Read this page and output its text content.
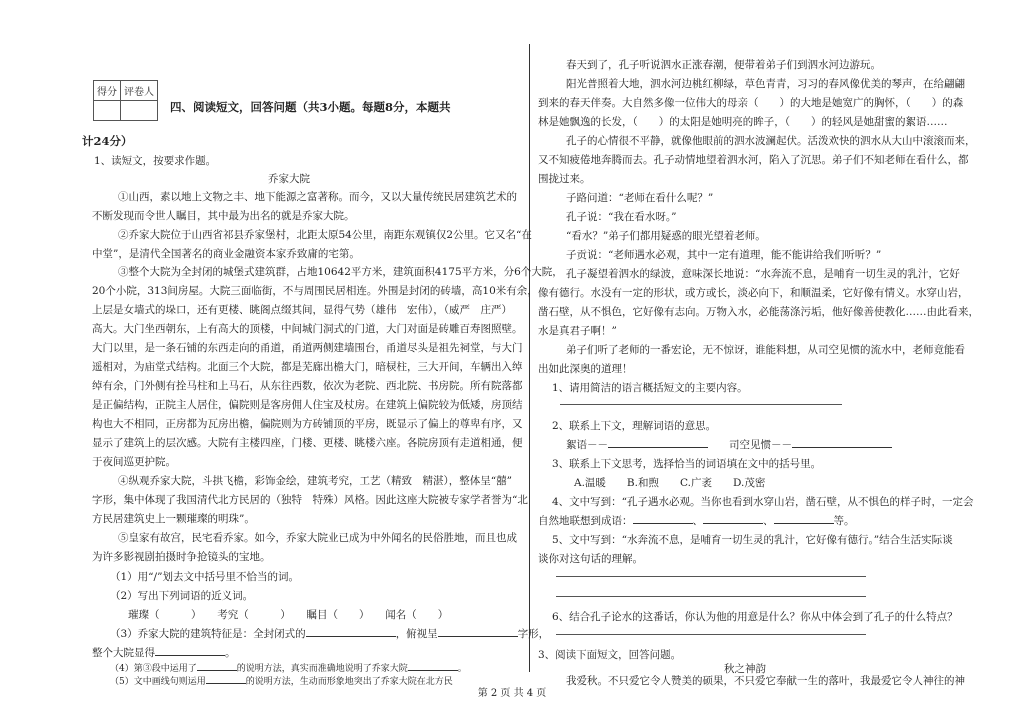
得分	评卷人

四、阅读短文，回答问题（共3小题。每题8分，本题共
计24分）
1、读短文，按要求作题。
乔家大院
①山西，素以地上文物之丰、地下能源之富著称。而今，又以大量传统民居建筑艺术的
不断发现而令世人瞩目，其中最为出名的就是乔家大院。
②乔家大院位于山西省祁县乔家堡村，北距太原54公里，南距东观镇仅2公里。它又名“在
中堂”，是清代全国著名的商业金融资本家乔致庸的宅第。
③整个大院为全封闭的城堡式建筑群，占地10642平方米，建筑面积4175平方米，分6个大院，
20个小院，313间房屋。大院三面临街，不与周围民居相连。外围是封闭的砖墙，高10米有余，
上层是女墙式的垛口，还有更楼、眺阁点缀其间，显得气势（雄伟　宏伟），（威严　庄严）
高大。大门坐西朝东，上有高大的顶楼，中间城门洞式的门道，大门对面是砖雕百寿图照壁。
大门以里，是一条石铺的东西走向的甬道，甬道两侧建墙围台，甬道尽头是祖先祠堂，与大门
遥相对，为庙堂式结构。北面三个大院，都是芜廊出檐大门，暗棂柱，三大开间，车辆出入绰
绰有余，门外侧有拴马柱和上马石，从东往西数，依次为老院、西北院、书房院。所有院落都
是正偏结构，正院主人居住，偏院则是客房佣人住宝及杖房。在建筑上偏院较为低矮，房顶结
构也大不相同，正房都为瓦房出檐，偏院则为方砖铺顶的平房，既显示了偏上的尊卑有序，又
显示了建筑上的层次感。大院有主楼四座，门楼、更楼、眺楼六座。各院房顶有走道相通，便
于夜间巡更护院。
④纵观乔家大院，斗拱飞檐，彩饰金绘，建筑考究，工艺（精致　精湛），整体呈“囍”
字形，集中体现了我国清代北方民居的（独特　特殊）风格。因此这座大院被专家学者誉为“北
方民居建筑史上一颗璀璨的明珠”。
⑤皇家有故宫，民宅看乔家。如今，乔家大院业已成为中外闻名的民俗胜地，而且也成
为许多影视剧拍摄时争抢镜头的宝地。
（1）用“/”划去文中括号里不恰当的词。
（2）写出下列词语的近义词。
璀璨（　　　）　　考究（　　　）　　瞩目（　　）　　闻名（　　）
（3）乔家大院的建筑特征是：全封闭式的	，俯视呈	字形，
整个大院显得	。
（4）第③段中运用了	的说明方法，真实而准确地说明了乔家大院	。
（5）文中画线句则运用	的说明方法，生动而形象地突出了乔家大院在北方民
春天到了，孔子听说泗水正涨春潮，便带着弟子们到泗水河边游玩。
阳光普照着大地，泗水河边桃红柳绿，草色青青，习习的春风像优美的琴声，在给翩翩
到来的春天伴奏。大自然多像一位伟大的母亲（　　）的大地是她宽广的胸怀，（　　）的森
林是她飘逸的长发，（　　）的太阳是她明亮的眸子，（　　）的轻风是她甜蜜的絮语……
孔子的心情很不平静，就像他眼前的泗水波澜起伏。活泼欢快的泗水从大山中滚滚而来，
又不知疲倦地奔腾而去。孔子动情地望着泗水河，陷入了沉思。弟子们不知老师在看什么，都
围拢过来。
子路问道：“老师在看什么呢？”
孔子说：“我在看水呀。”
“看水？”弟子们都用疑惑的眼光望着老师。
子贡说：“老师遇水必观，其中一定有道理，能不能讲给我们听听？”
孔子凝望着泗水的绿波，意味深长地说：“水奔流不息，是哺育一切生灵的乳汁，它好
像有德行。水没有一定的形状，或方或长，淡必向下，和顺温柔，它好像有情义。水穿山岩，
凿石壁，从不惧色，它好像有志向。万物入水，必能荡涤污垢，他好像善使教化……由此看来，
水是真君子啊！”
弟子们听了老师的一番宏论，无不惊讶，谁能料想，从司空见惯的流水中，老师竟能看
出如此深奥的道理！
1、请用简洁的语言概括短文的主要内容。
2、联系上下文，理解词语的意思。
絮语－－　　	司空见惯－－
3、联系上下文思考，选择恰当的词语填在文中的括号里。
A.温暖　　B.和煦　　C.广袤　　D.茂密
4、文中写到：“孔子遇水必观。当你也看到水穿山岩，凿石壁，从不惧色的样子时，一定会
自然地联想到成语：	、	、	等。
5、文中写到：“水奔流不息，是哺育一切生灵的乳汁，它好像有德行。”结合生活实际谈
谈你对这句话的理解。
6、结合孔子论水的这番话，你认为他的用意是什么？你从中体会到了孔子的什么特点？
3、阅读下面短文，回答问题。
秋之神韵
我爱秋。不只爱它令人赞美的硕果，不只爱它奉献一生的落叶，我最爱它令人神往的神
第 2 页 共 4 页
